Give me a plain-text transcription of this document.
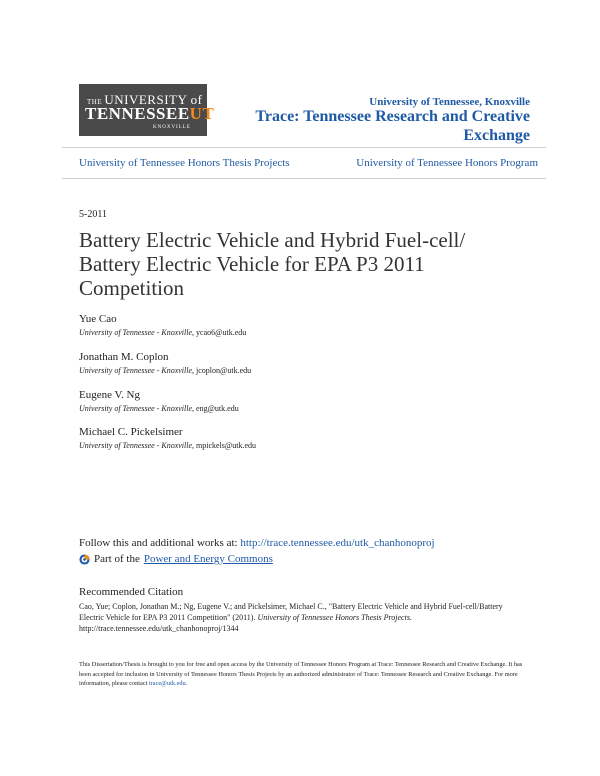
THE UNIVERSITY of
TENNESSEEUT
KNOXVILLE
University of Tennessee, Knoxville
Trace: Tennessee Research and Creative Exchange
University of Tennessee Honors Thesis Projects	University of Tennessee Honors Program
5-2011
Battery Electric Vehicle and Hybrid Fuel-cell/ Battery Electric Vehicle for EPA P3 2011 Competition
Yue Cao
University of Tennessee - Knoxville, ycao6@utk.edu
Jonathan M. Coplon
University of Tennessee - Knoxville, jcoplon@utk.edu
Eugene V. Ng
University of Tennessee - Knoxville, eng@utk.edu
Michael C. Pickelsimer
University of Tennessee - Knoxville, mpickels@utk.edu
Follow this and additional works at: http://trace.tennessee.edu/utk_chanhonoproj
Part of the Power and Energy Commons
Recommended Citation
Cao, Yue; Coplon, Jonathan M.; Ng, Eugene V.; and Pickelsimer, Michael C., "Battery Electric Vehicle and Hybrid Fuel-cell/Battery Electric Vehicle for EPA P3 2011 Competition" (2011). University of Tennessee Honors Thesis Projects.
http://trace.tennessee.edu/utk_chanhonoproj/1344
This Dissertation/Thesis is brought to you for free and open access by the University of Tennessee Honors Program at Trace: Tennessee Research and Creative Exchange. It has been accepted for inclusion in University of Tennessee Honors Thesis Projects by an authorized administrator of Trace: Tennessee Research and Creative Exchange. For more information, please contact trace@utk.edu.
